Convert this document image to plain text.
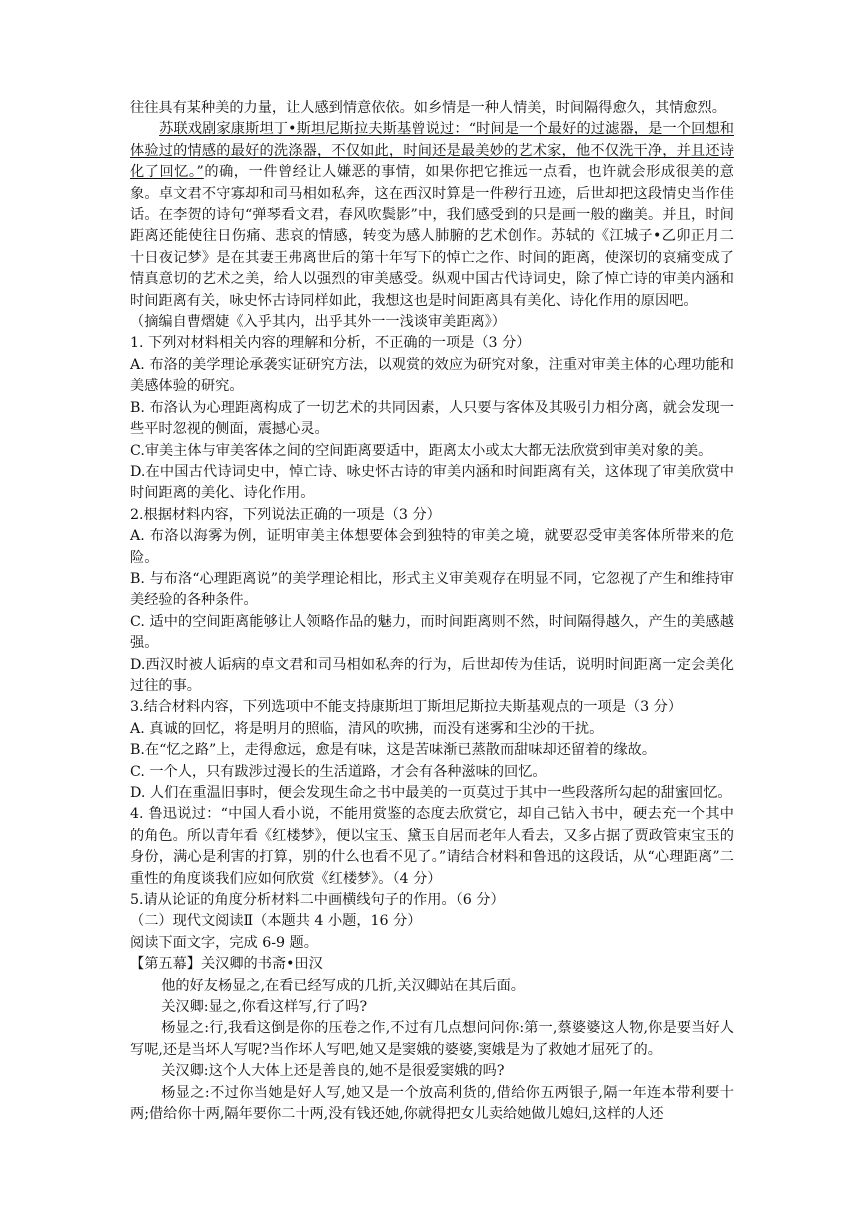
往往具有某种美的力量，让人感到情意依依。如乡情是一种人情美，时间隔得愈久，其情愈烈。

苏联戏剧家康斯坦丁•斯坦尼斯拉夫斯基曾说过：“时间是一个最好的过滤器，是一个回想和体验过的情感的最好的洗涤器，不仅如此，时间还是最美妙的艺术家，他不仅洗干净，并且还诗化了回忆。”的确，一件曾经让人嫌恶的事情，如果你把它推远一点看，也许就会形成很美的意象。卓文君不守寡却和司马相如私奔，这在西汉时算是一件秽行丑迹，后世却把这段情史当作佳话。在李贺的诗句“弹琴看文君，春风吹鬓影”中，我们感受到的只是画一般的幽美。并且，时间距离还能使往日伤痛、悲哀的情感，转变为感人肺腑的艺术创作。苏轼的《江城子•乙卯正月二十日夜记梦》是在其妻王弗离世后的第十年写下的悼亡之作、时间的距离，使深切的哀痛变成了情真意切的艺术之美，给人以强烈的审美感受。纵观中国古代诗词史，除了悼亡诗的审美内涵和时间距离有关，咏史怀古诗同样如此，我想这也是时间距离具有美化、诗化作用的原因吧。

（摘编自曹熠婕《入乎其内，出乎其外一一浅谈审美距离》）

1. 下列对材料相关内容的理解和分析，不正确的一项是（3 分）

A. 布洛的美学理论承袭实证研究方法，以观赏的效应为研究对象，注重对审美主体的心理功能和美感体验的研究。

B. 布洛认为心理距离构成了一切艺术的共同因素，人只要与客体及其吸引力相分离，就会发现一些平时忽视的侧面，震撼心灵。

C.审美主体与审美客体之间的空间距离要适中，距离太小或太大都无法欣赏到审美对象的美。

D.在中国古代诗词史中，悼亡诗、咏史怀古诗的审美内涵和时间距离有关，这体现了审美欣赏中时间距离的美化、诗化作用。

2.根据材料内容，下列说法正确的一项是（3 分）

A. 布洛以海雾为例，证明审美主体想要体会到独特的审美之境，就要忍受审美客体所带来的危险。

B. 与布洛“心理距离说”的美学理论相比，形式主义审美观存在明显不同，它忽视了产生和维持审美经验的各种条件。

C. 适中的空间距离能够让人领略作品的魅力，而时间距离则不然，时间隔得越久，产生的美感越强。

D.西汉时被人诟病的卓文君和司马相如私奔的行为，后世却传为佳话，说明时间距离一定会美化过往的事。

3.结合材料内容，下列选项中不能支持康斯坦丁斯坦尼斯拉夫斯基观点的一项是（3 分）

A. 真诚的回忆，将是明月的照临，清风的吹拂，而没有迷雾和尘沙的干扰。

B.在“忆之路”上，走得愈远，愈是有味，这是苦味渐已蒸散而甜味却还留着的缘故。

C. 一个人，只有跋涉过漫长的生活道路，才会有各种滋味的回忆。

D. 人们在重温旧事时，便会发现生命之书中最美的一页莫过于其中一些段落所勾起的甜蜜回忆。

4. 鲁迅说过：“中国人看小说，不能用赏鉴的态度去欣赏它，却自己钻入书中，硬去充一个其中的角色。所以青年看《红楼梦》，便以宝玉、黛玉自居而老年人看去，又多占据了贾政管束宝玉的身份，满心是利害的打算，别的什么也看不见了。”请结合材料和鲁迅的这段话，从“心理距离”二重性的角度谈我们应如何欣赏《红楼梦》。（4 分）

5.请从论证的角度分析材料二中画横线句子的作用。（6 分）

（二）现代文阅读Ⅱ（本题共 4 小题，16 分）

阅读下面文字，完成 6-9 题。

【第五幕】关汉卿的书斋•田汉

他的好友杨显之,在看已经写成的几折,关汉卿站在其后面。

关汉卿:显之,你看这样写,行了吗?

杨显之:行,我看这倒是你的压卷之作,不过有几点想问问你:第一,蔡婆婆这人物,你是要当好人写呢,还是当坏人写呢?当作坏人写吧,她又是窦娥的婆婆,窦娥是为了救她才屈死了的。

关汉卿:这个人大体上还是善良的,她不是很爱窦娥的吗?

杨显之:不过你当她是好人写,她又是一个放高利货的,借给你五两银子,隔一年连本带利要十两;借给你十两,隔年要你二十两,没有钱还她,你就得把女儿卖给她做儿媳妇,这样的人还
